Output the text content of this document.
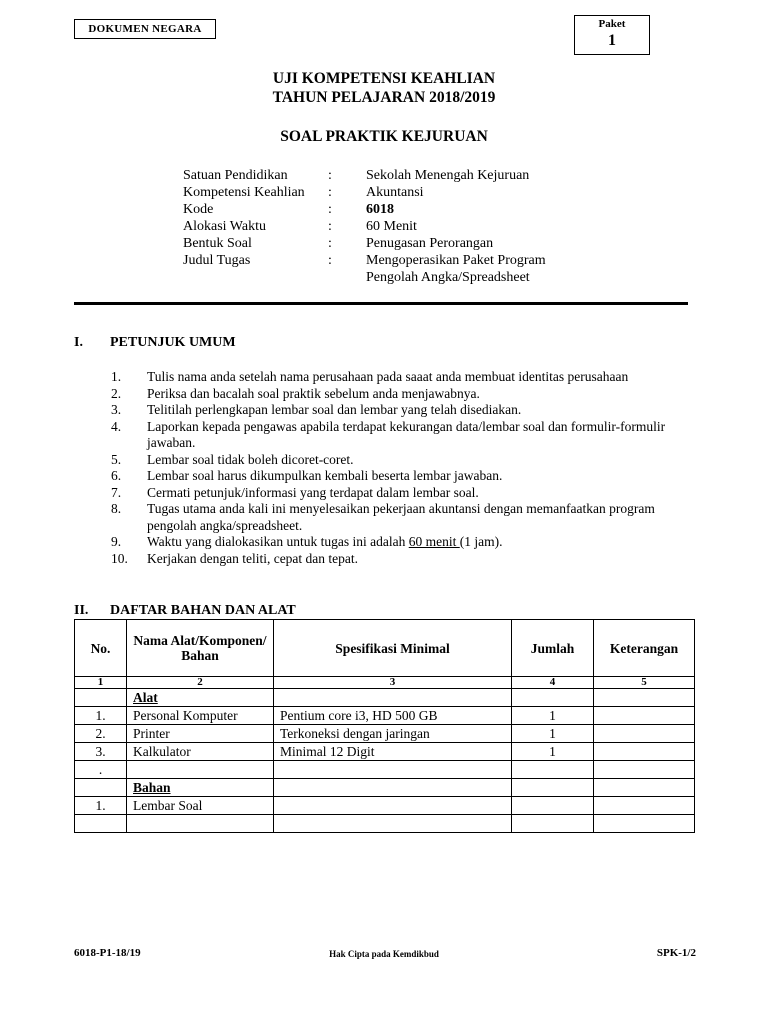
DOKUMEN NEGARA	Paket
1
UJI KOMPETENSI KEAHLIAN
TAHUN PELAJARAN 2018/2019
SOAL PRAKTIK KEJURUAN
Satuan Pendidikan	:	Sekolah Menengah Kejuruan
Kompetensi Keahlian	:	Akuntansi
Kode	:	6018
Alokasi Waktu	:	60 Menit
Bentuk Soal	:	Penugasan Perorangan
Judul Tugas	:	Mengoperasikan Paket Program
Pengolah Angka/Spreadsheet
I.	PETUNJUK UMUM
1.	Tulis nama anda setelah nama perusahaan pada saaat anda membuat identitas perusahaan
2.	Periksa dan bacalah soal praktik sebelum anda menjawabnya.
3.	Telitilah perlengkapan lembar soal dan lembar yang telah disediakan.
4.	Laporkan kepada pengawas apabila terdapat kekurangan data/lembar soal dan formulir-formulir jawaban.
5.	Lembar soal tidak boleh dicoret-coret.
6.	Lembar soal harus dikumpulkan kembali beserta lembar jawaban.
7.	Cermati petunjuk/informasi yang terdapat dalam lembar soal.
8.	Tugas utama anda kali ini menyelesaikan pekerjaan akuntansi dengan memanfaatkan program pengolah angka/spreadsheet.
9.	Waktu yang dialokasikan untuk tugas ini adalah 60 menit (1 jam).
10.	Kerjakan dengan teliti, cepat dan tepat.
II.	DAFTAR BAHAN DAN ALAT
No.	Nama Alat/Komponen/ Bahan	Spesifikasi Minimal	Jumlah	Keterangan
1	2	3	4	5
	Alat			
1.	Personal Komputer	Pentium core i3, HD 500 GB	1	
2.	Printer	Terkoneksi dengan jaringan	1	
3.	Kalkulator	Minimal 12 Digit	1	
.				
	Bahan			
1.	Lembar Soal			

6018-P1-18/19	Hak Cipta pada Kemdikbud	SPK-1/2
